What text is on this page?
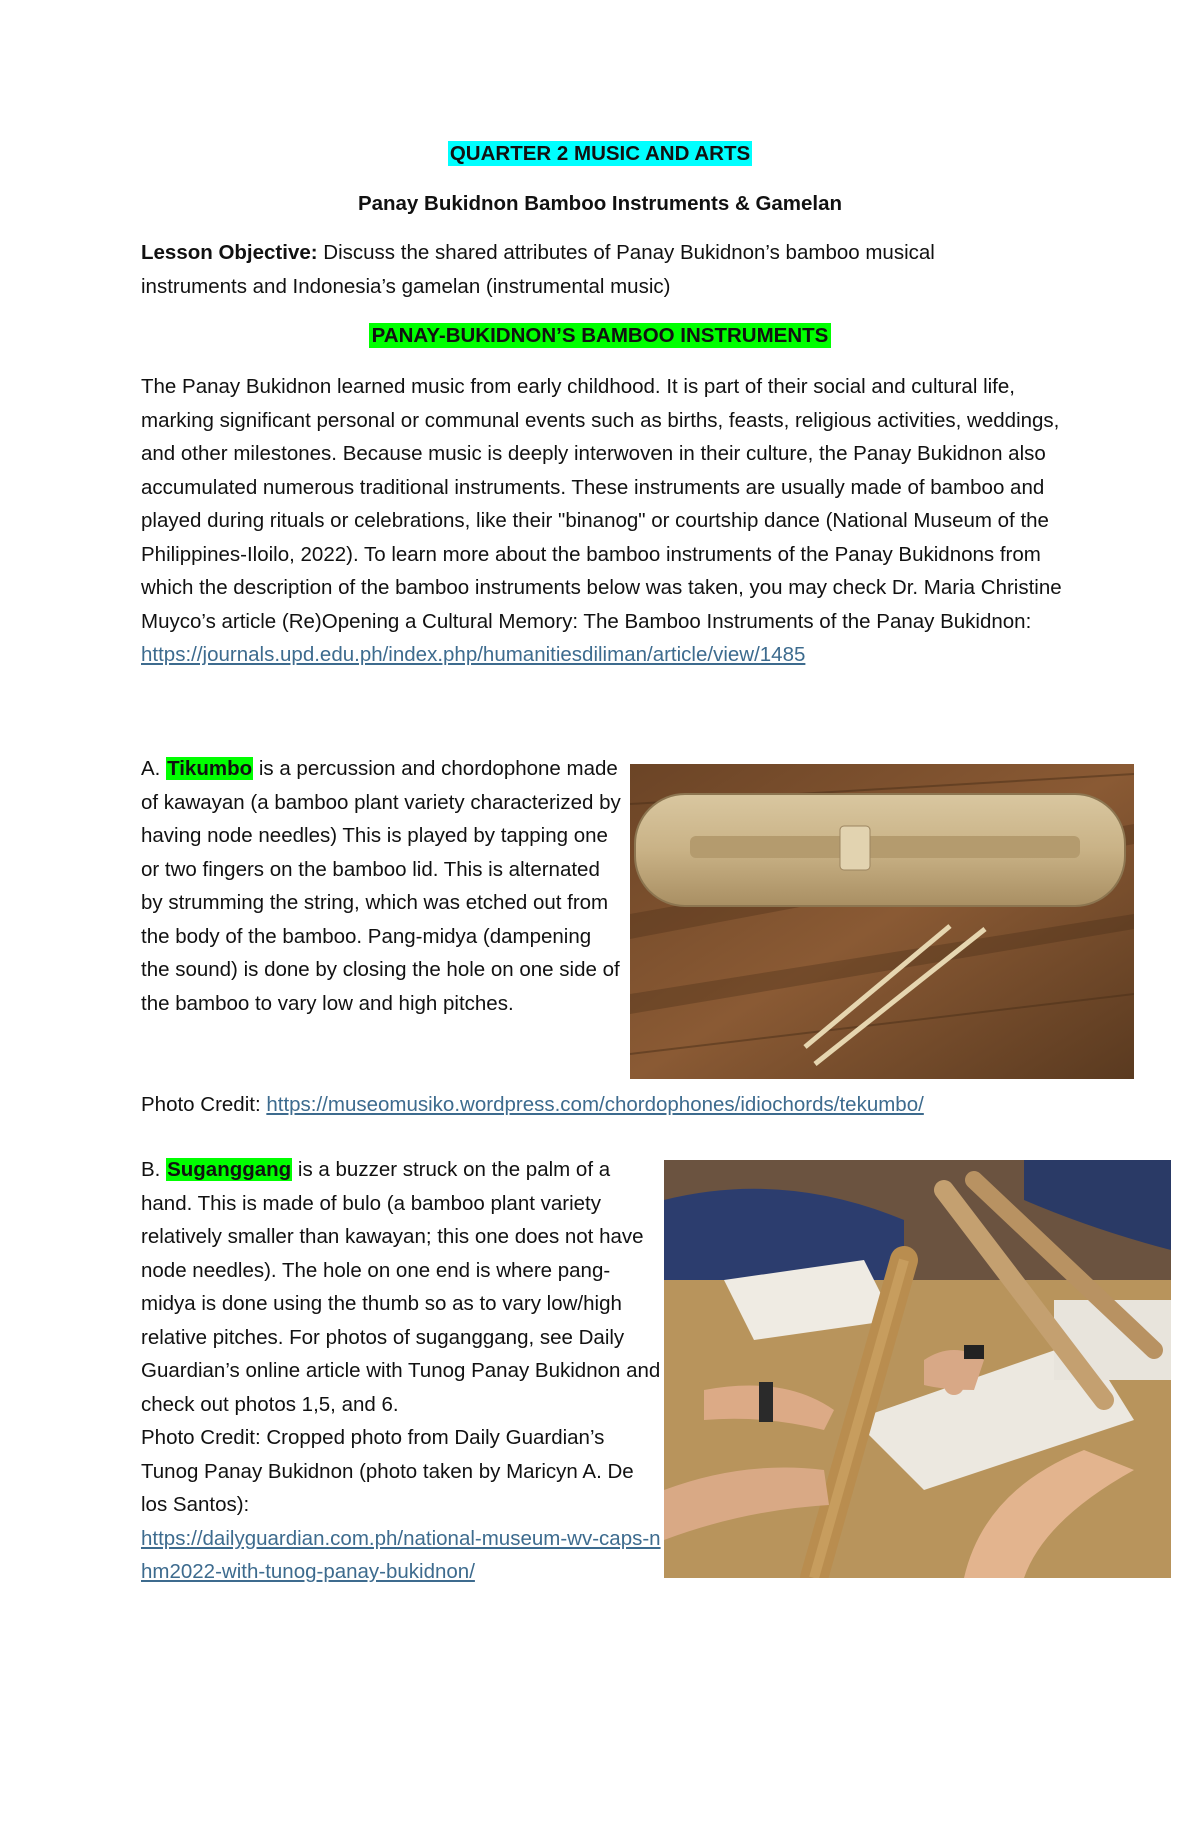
QUARTER 2 MUSIC AND ARTS
Panay Bukidnon Bamboo Instruments & Gamelan
Lesson Objective: Discuss the shared attributes of Panay Bukidnon’s bamboo musical instruments and Indonesia’s gamelan (instrumental music)
PANAY-BUKIDNON’S BAMBOO INSTRUMENTS
The Panay Bukidnon learned music from early childhood. It is part of their social and cultural life, marking significant personal or communal events such as births, feasts, religious activities, weddings, and other milestones. Because music is deeply interwoven in their culture, the Panay Bukidnon also accumulated numerous traditional instruments. These instruments are usually made of bamboo and played during rituals or celebrations, like their "binanog" or courtship dance (National Museum of the Philippines-Iloilo, 2022). To learn more about the bamboo instruments of the Panay Bukidnons from which the description of the bamboo instruments below was taken, you may check Dr. Maria Christine Muyco’s article (Re)Opening a Cultural Memory: The Bamboo Instruments of the Panay Bukidnon:
https://journals.upd.edu.ph/index.php/humanitiesdiliman/article/view/1485
A. Tikumbo is a percussion and chordophone made of kawayan (a bamboo plant variety characterized by having node needles) This is played by tapping one or two fingers on the bamboo lid. This is alternated by strumming the string, which was etched out from the body of the bamboo. Pang-midya (dampening the sound) is done by closing the hole on one side of the bamboo to vary low and high pitches.
Photo Credit: https://museomusiko.wordpress.com/chordophones/idiochords/tekumbo/
B. Suganggang is a buzzer struck on the palm of a hand. This is made of bulo (a bamboo plant variety relatively smaller than kawayan; this one does not have node needles). The hole on one end is where pang-midya is done using the thumb so as to vary low/high relative pitches. For photos of suganggang, see Daily Guardian’s online article with Tunog Panay Bukidnon and check out photos 1,5, and 6.
Photo Credit: Cropped photo from Daily Guardian’s Tunog Panay Bukidnon (photo taken by Maricyn A. De los Santos):
https://dailyguardian.com.ph/national-museum-wv-caps-nhm2022-with-tunog-panay-bukidnon/
